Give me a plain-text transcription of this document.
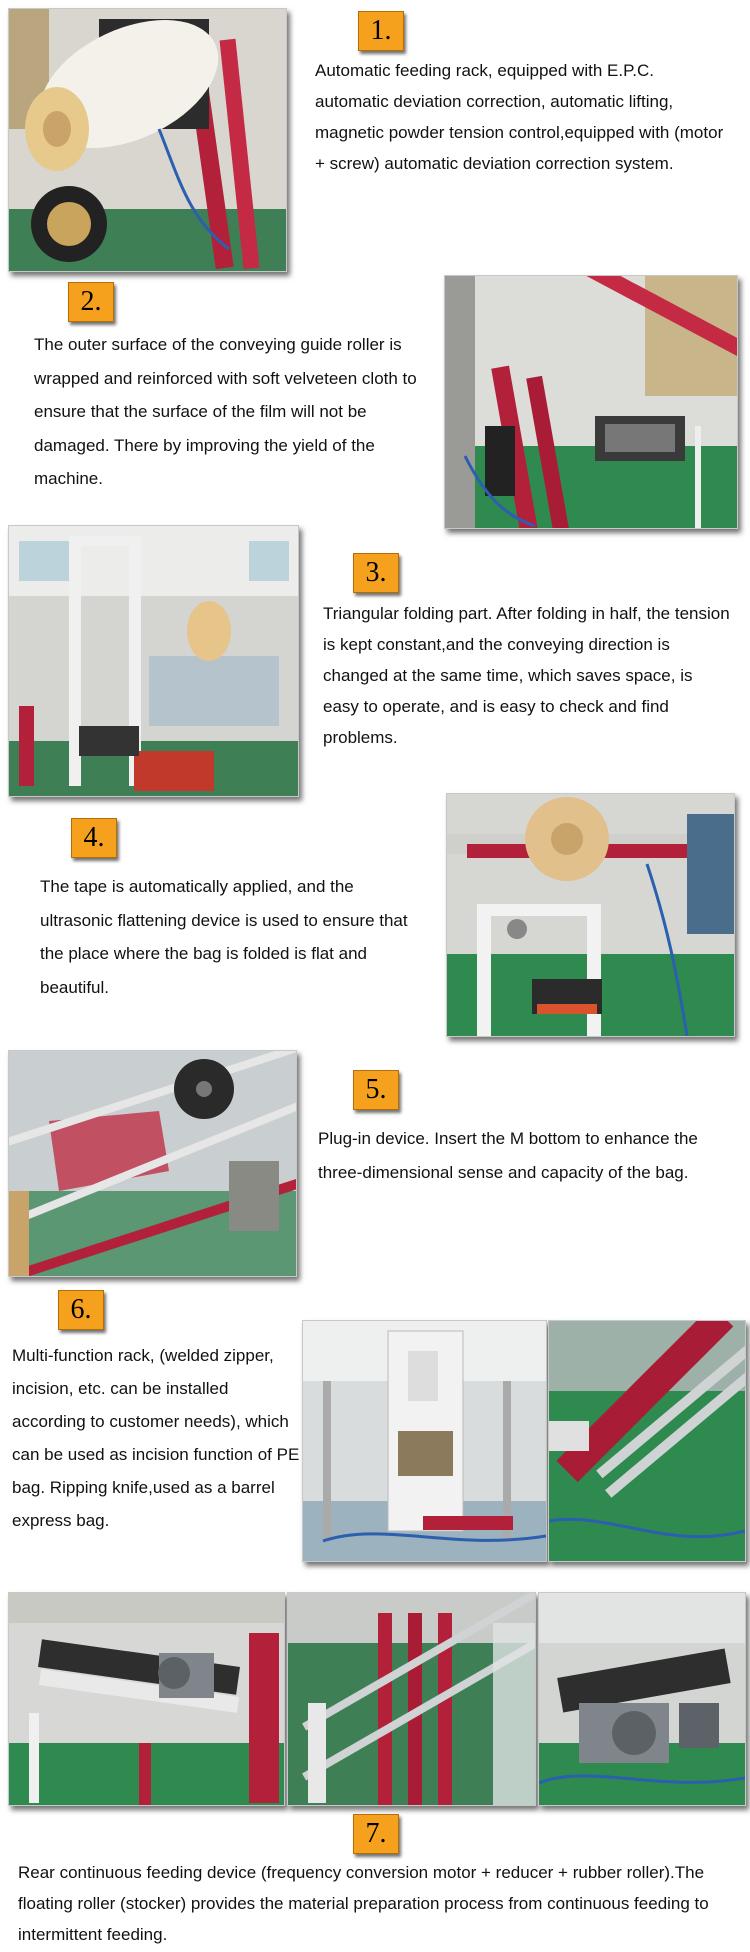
1.

Automatic feeding rack, equipped with E.P.C. automatic deviation correction, automatic lifting, magnetic powder tension control,equipped with (motor + screw) automatic deviation correction system.

2.

The outer surface of the conveying guide roller is wrapped and reinforced with soft velveteen cloth to ensure that the surface of the film will not be damaged. There by improving the yield of the machine.

3.

Triangular folding part. After folding in half, the tension is kept constant,and the conveying direction is changed at the same time, which saves space, is easy to operate, and is easy to check and find problems.

4.

The tape is automatically applied, and the ultrasonic flattening device is used to ensure that the place where the bag is folded is flat and beautiful.

5.

Plug-in device. Insert the M bottom to enhance the three-dimensional sense and capacity of the bag.

6.

Multi-function rack, (welded zipper, incision, etc. can be installed according to customer needs), which can be used as incision function of PE bag. Ripping knife,used as a barrel express bag.

7.

Rear continuous feeding device (frequency conversion motor + reducer + rubber roller).The floating roller (stocker) provides the material preparation process from continuous feeding to intermittent feeding.
